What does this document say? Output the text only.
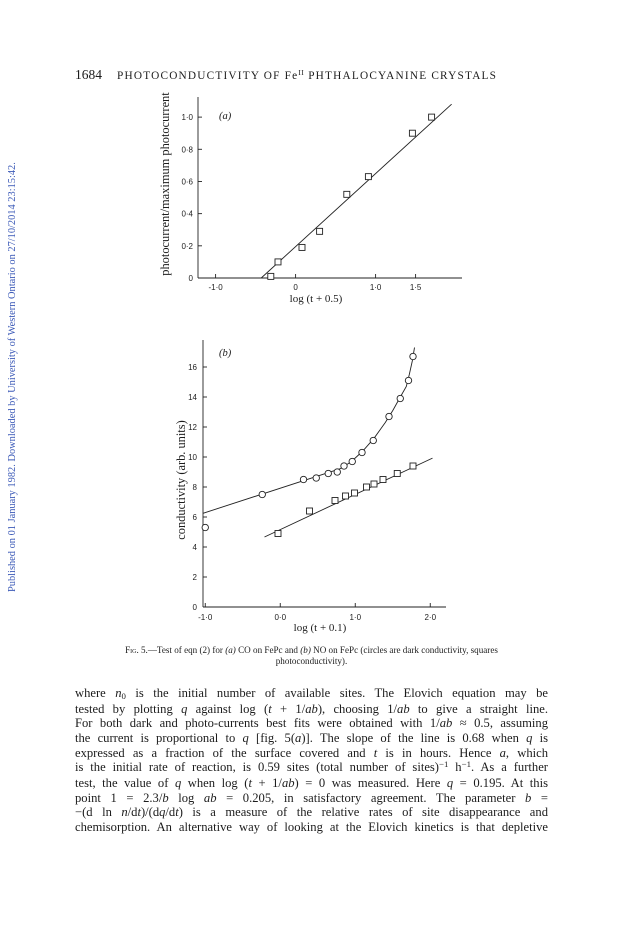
Published on 01 January 1982. Downloaded by University of Western Ontario on 27/10/2014 23:15:42.
1684 PHOTOCONDUCTIVITY OF $Fe^{II}$ PHTHALOCYANINE CRYSTALS
0
0·2
0·4
0·6
0·8
1·0
-1·0	0	1·0	1·5
log (t + 0.5)
photocurrent/maximum photocurrent	(a)
0
2
4
6
8
10
12
14
16
-1·0	0·0	1·0	2·0
log (t + 0.1)
conductivity (arb. units)
(b)
Fig. 5.—Test of eqn (2) for (a) CO on FePc and (b) NO on FePc (circles are dark conductivity, squares
photoconductivity).
where n0 is the initial number of available sites. The Elovich equation may be
tested by plotting q against log (t + 1/ab), choosing 1/ab to give a straight line.
For both dark and photo-currents best fits were obtained with 1/ab ≈ 0.5, assuming
the current is proportional to q [fig. 5(a)]. The slope of the line is 0.68 when q is
expressed as a fraction of the surface covered and t is in hours. Hence a, which
is the initial rate of reaction, is 0.59 sites (total number of sites)$^{-1}$ $h^{-1}$. As a further
test, the value of q when log (t + 1/ab) = 0 was measured. Here q = 0.195. At this
point 1 = 2.3/b log ab = 0.205, in satisfactory agreement. The parameter b =
−(d ln n/dt)/(dq/dt) is a measure of the relative rates of site disappearance and
chemisorption. An alternative way of looking at the Elovich kinetics is that depletive
